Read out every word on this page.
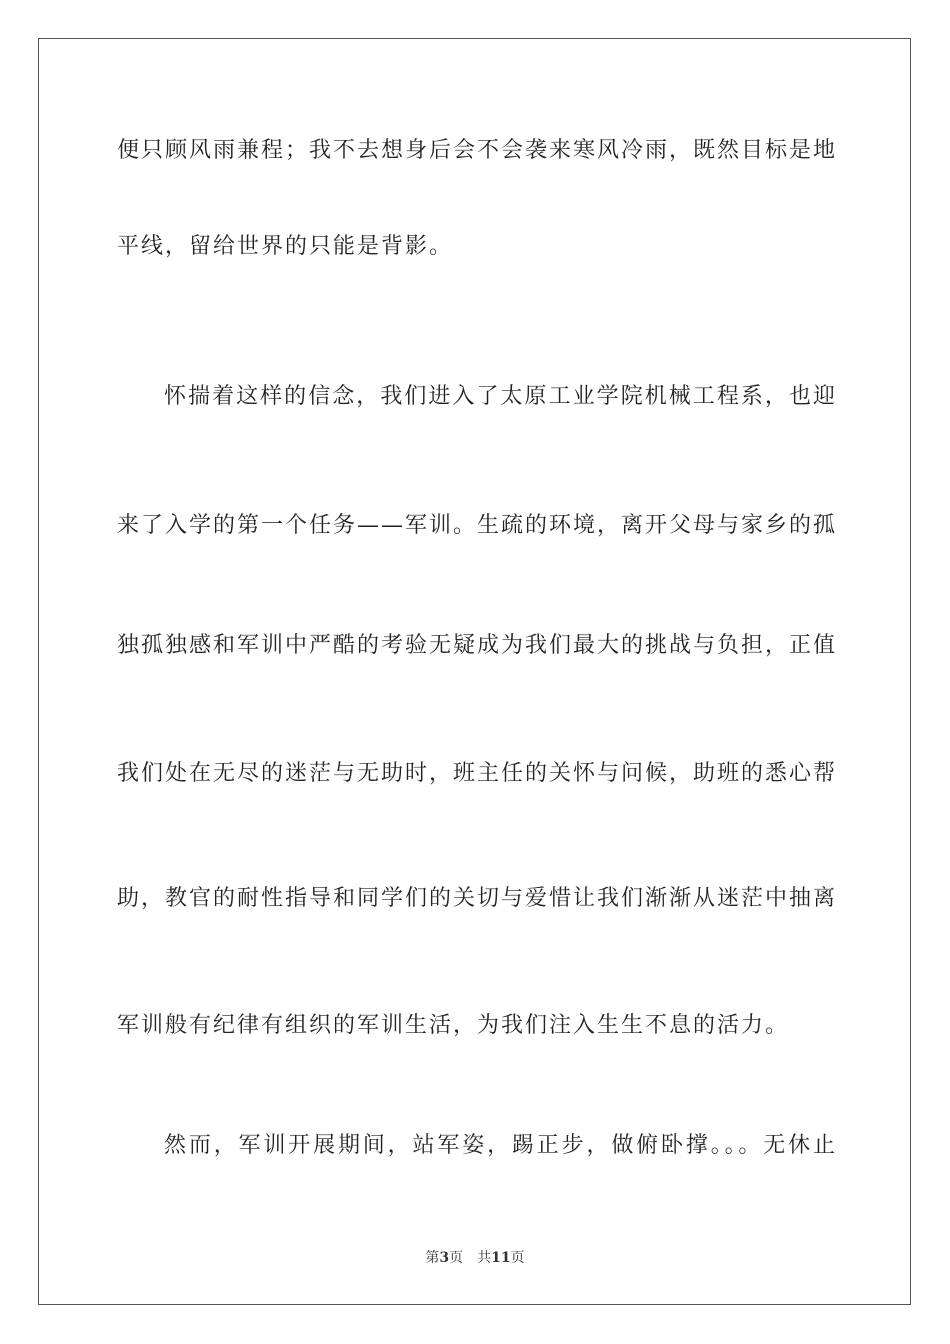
便只顾风雨兼程；我不去想身后会不会袭来寒风冷雨，既然目标是地
平线，留给世界的只能是背影。
怀揣着这样的信念，我们进入了太原工业学院机械工程系，也迎
来了入学的第一个任务——军训。生疏的环境，离开父母与家乡的孤
独孤独感和军训中严酷的考验无疑成为我们最大的挑战与负担，正值
我们处在无尽的迷茫与无助时，班主任的关怀与问候，助班的悉心帮
助，教官的耐性指导和同学们的关切与爱惜让我们渐渐从迷茫中抽离
军训般有纪律有组织的军训生活，为我们注入生生不息的活力。
然而，军训开展期间，站军姿，踢正步，做俯卧撑。。。无休止
第3页 共11页
